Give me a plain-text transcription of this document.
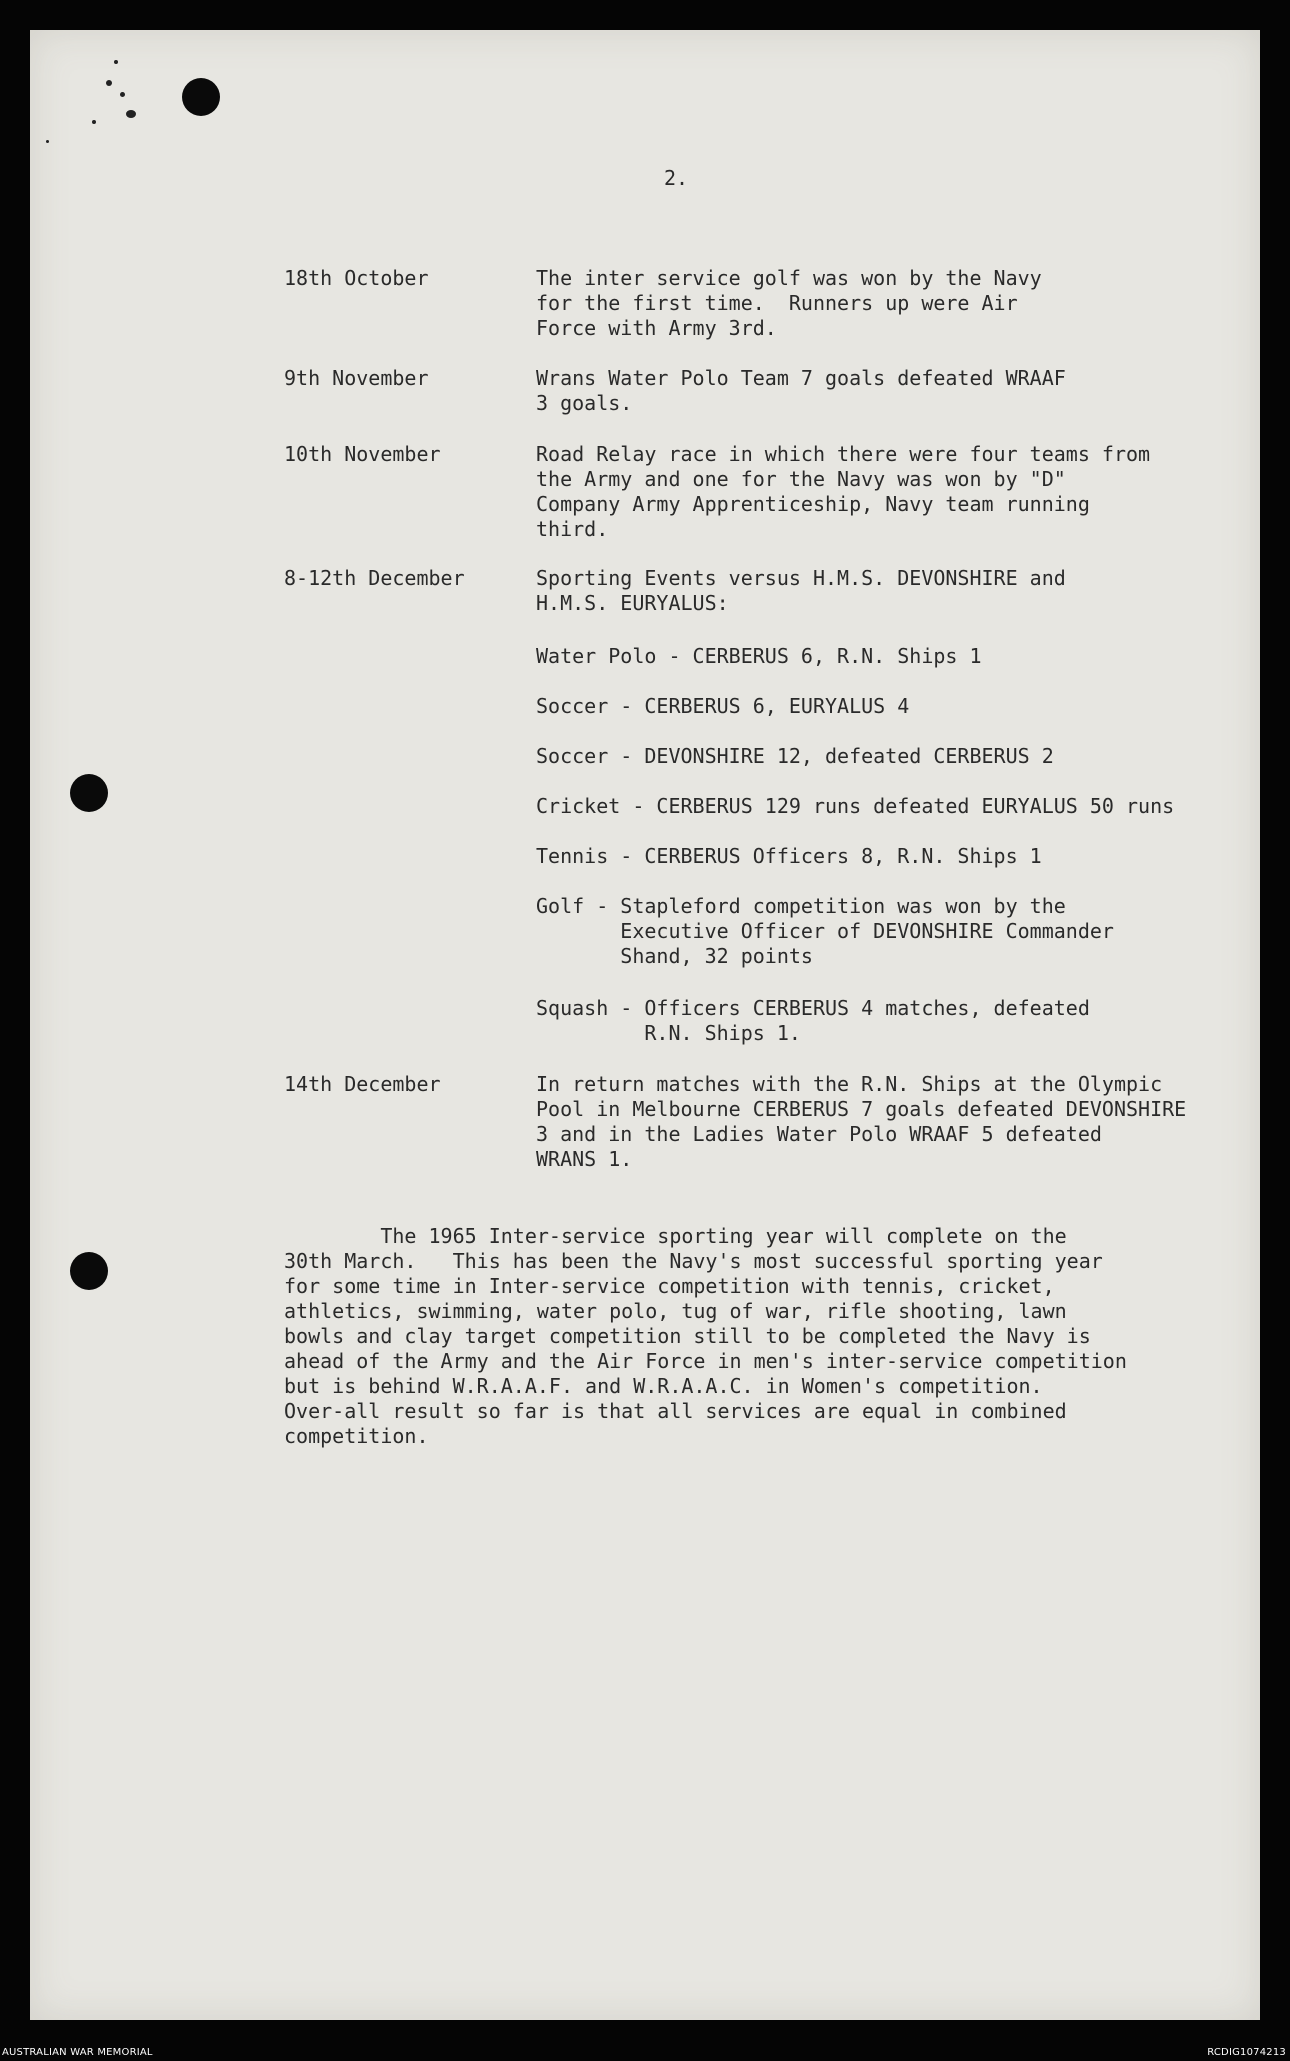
2.
18th October	The inter service golf was won by the Navy
for the first time.  Runners up were Air
Force with Army 3rd.
9th November	Wrans Water Polo Team 7 goals defeated WRAAF
3 goals.
10th November	Road Relay race in which there were four teams from
the Army and one for the Navy was won by "D"
Company Army Apprenticeship, Navy team running
third.
8-12th December	Sporting Events versus H.M.S. DEVONSHIRE and
H.M.S. EURYALUS:
Water Polo - CERBERUS 6, R.N. Ships 1
Soccer - CERBERUS 6, EURYALUS 4
Soccer - DEVONSHIRE 12, defeated CERBERUS 2
Cricket - CERBERUS 129 runs defeated EURYALUS 50 runs
Tennis - CERBERUS Officers 8, R.N. Ships 1
Golf - Stapleford competition was won by the
Executive Officer of DEVONSHIRE Commander
Shand, 32 points
Squash - Officers CERBERUS 4 matches, defeated
R.N. Ships 1.
14th December	In return matches with the R.N. Ships at the Olympic
Pool in Melbourne CERBERUS 7 goals defeated DEVONSHIRE
3 and in the Ladies Water Polo WRAAF 5 defeated
WRANS 1.
The 1965 Inter-service sporting year will complete on the
30th March.   This has been the Navy's most successful sporting year
for some time in Inter-service competition with tennis, cricket,
athletics, swimming, water polo, tug of war, rifle shooting, lawn
bowls and clay target competition still to be completed the Navy is
ahead of the Army and the Air Force in men's inter-service competition
but is behind W.R.A.A.F. and W.R.A.A.C. in Women's competition.
Over-all result so far is that all services are equal in combined
competition.
AUSTRALIAN WAR MEMORIAL	RCDIG1074213
